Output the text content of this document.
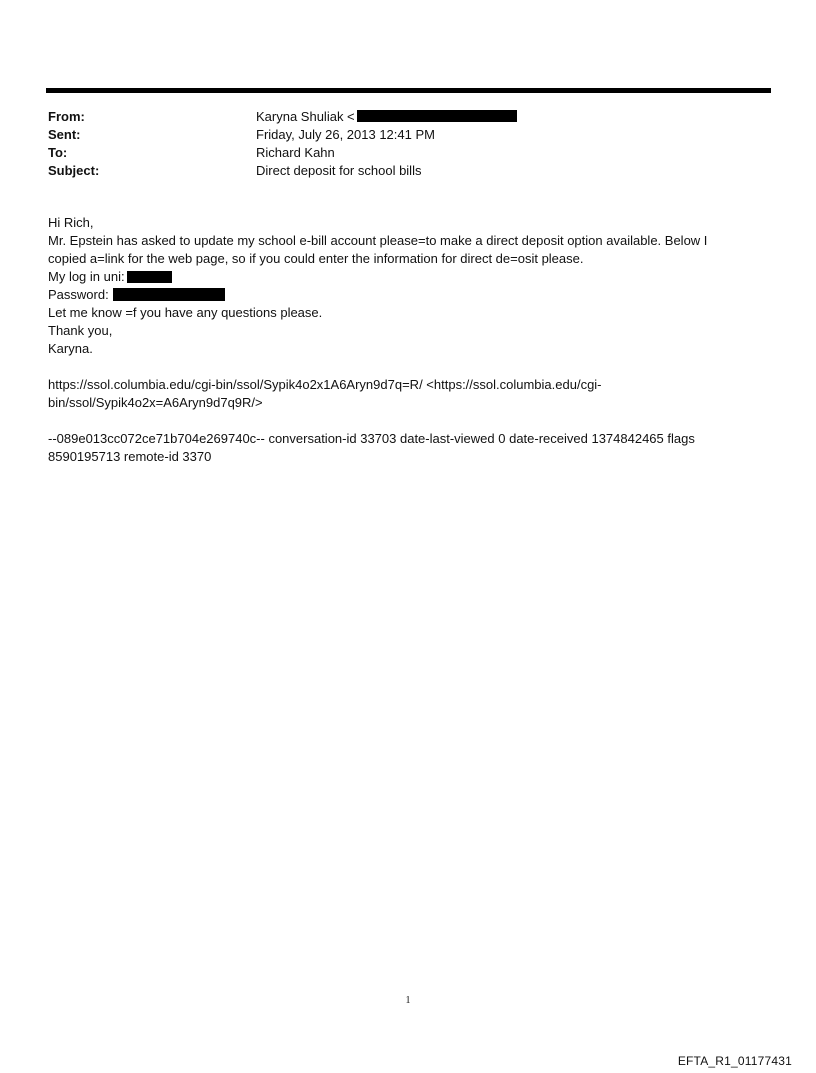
From:	Karyna Shuliak <
Sent:	Friday, July 26, 2013 12:41 PM
To:	Richard Kahn
Subject:	Direct deposit for school bills

Hi Rich,

Mr. Epstein has asked to update my school e-bill account please=to make a direct deposit option available. Below I

copied a=link for the web page, so if you could enter the information for direct de=osit please.

My log in uni:

Password:

Let me know =f you have any questions please.

Thank you,

Karyna.

https://ssol.columbia.edu/cgi-bin/ssol/Sypik4o2x1A6Aryn9d7q=R/ <https://ssol.columbia.edu/cgi-

bin/ssol/Sypik4o2x=A6Aryn9d7q9R/>

--089e013cc072ce71b704e269740c-- conversation-id 33703 date-last-viewed 0 date-received 1374842465 flags

8590195713 remote-id 3370

1
EFTA_R1_01177431
